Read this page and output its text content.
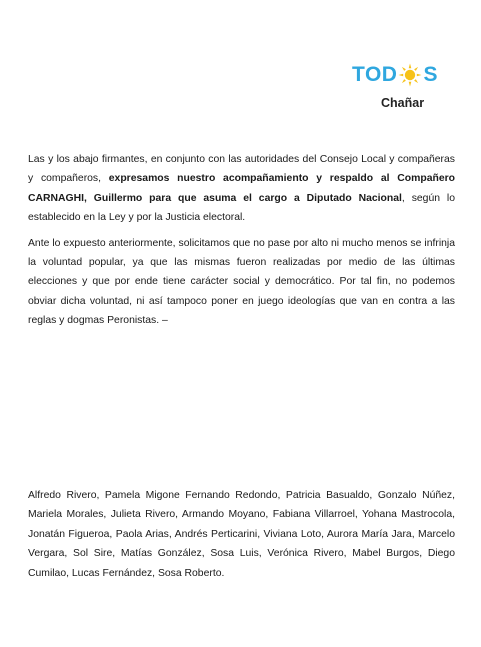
TOD S
Chañar

Las y los abajo firmantes, en conjunto con las autoridades del Consejo Local y compañeras y compañeros, expresamos nuestro acompañamiento y respaldo al Compañero CARNAGHI, Guillermo para que asuma el cargo a Diputado Nacional, según lo establecido en la Ley y por la Justicia electoral.

Ante lo expuesto anteriormente, solicitamos que no pase por alto ni mucho menos se infrinja la voluntad popular, ya que las mismas fueron realizadas por medio de las últimas elecciones y que por ende tiene carácter social y democrático. Por tal fin, no podemos obviar dicha voluntad, ni así tampoco poner en juego ideologías que van en contra a las reglas y dogmas Peronistas. –

Alfredo Rivero, Pamela Migone Fernando Redondo, Patricia Basualdo, Gonzalo Núñez, Mariela Morales, Julieta Rivero, Armando Moyano, Fabiana Villarroel, Yohana Mastrocola, Jonatán Figueroa, Paola Arias, Andrés Perticarini, Viviana Loto, Aurora María Jara, Marcelo Vergara, Sol Sire, Matías González, Sosa Luis, Verónica Rivero, Mabel Burgos, Diego Cumilao, Lucas Fernández, Sosa Roberto.
